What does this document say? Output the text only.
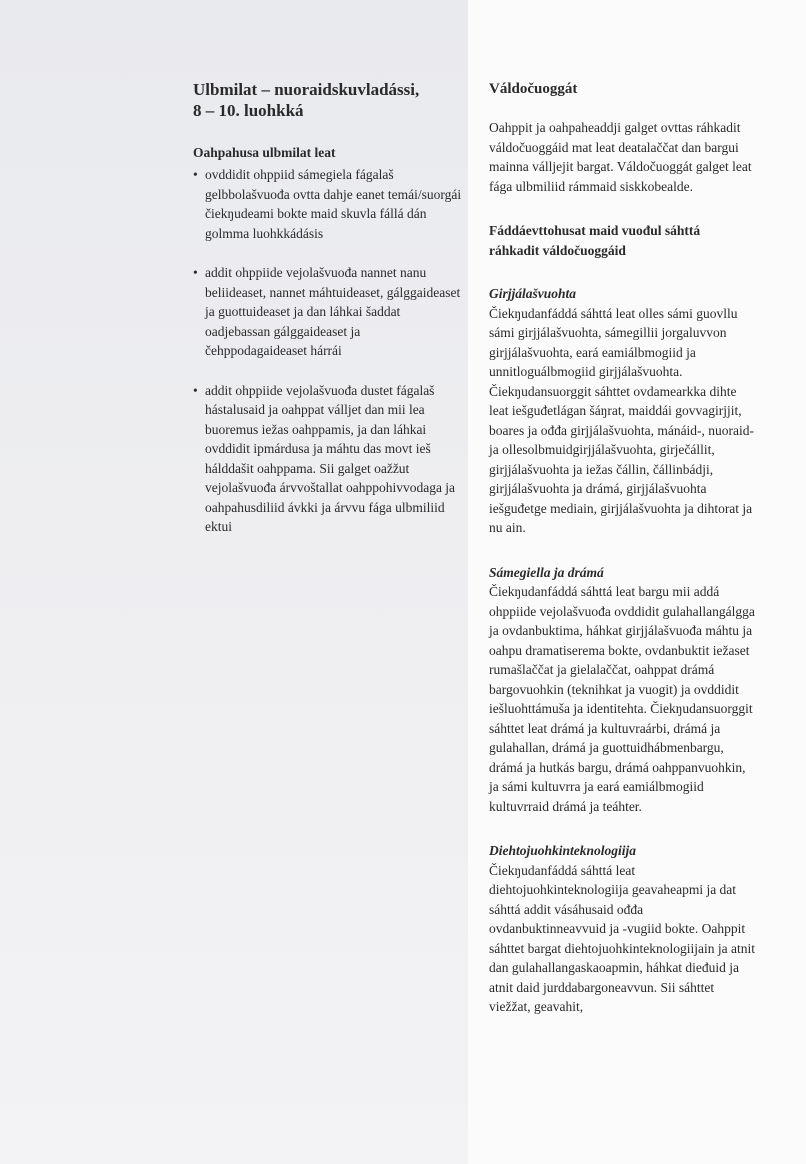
Ulbmilat – nuoraidskuvladássi,
8 – 10. luohkká
Oahpahusa ulbmilat leat
• ovddidit ohppiid sámegiela fágalaš gelbbolašvuođa ovtta dahje eanet temái/suorgái čiekŋudeami bokte maid skuvla fállá dán golmma luohkkádásis
• addit ohppiide vejolašvuođa nannet nanu beliideaset, nannet máhtuideaset, gálggaideaset ja guottuideaset ja dan láhkai šaddat oadjebassan gálggaideaset ja čehppodagaideaset hárrái
• addit ohppiide vejolašvuođa dustet fágalaš hástalusaid ja oahppat válljet dan mii lea buoremus iežas oahppamis, ja dan láhkai ovddidit ipmárdusa ja máhtu das movt ieš hálddašit oahppama. Sii galget oažžut vejolašvuođa árvvoštallat oahppohivvodaga ja oahpahusdiliid ávkki ja árvvu fága ulbmiliid ektui
Váldočuoggát

Oahppit ja oahpaheaddji galget ovttas ráhkadit váldočuoggáid mat leat deatalaččat dan bargui mainna válljejit bargat. Váldočuoggát galget leat fága ulbmiliid rámmaid siskkobealde.

Fáddáevttohusat maid vuođul sáhttá
ráhkadit váldočuoggáid
Girjjálašvuohta

Čiekŋudanfáddá sáhttá leat olles sámi guovllu sámi girjjálašvuohta, sámegillii jorgaluvvon girjjálašvuohta, eará eamiálbmogiid ja unnitloguálbmogiid girjjálašvuohta. Čiekŋudansuorggit sáhttet ovdamearkka dihte leat iešguđetlágan šáŋrat, maiddái govvagirjjit, boares ja ođđa girjjálašvuohta, mánáid-, nuoraid- ja ollesolbmuidgirjjálašvuohta, girječállit, girjjálašvuohta ja iežas čállin, čállinbádji, girjjálašvuohta ja drámá, girjjálašvuohta iešguđetge mediain, girjjálašvuohta ja dihtorat ja nu ain.

Sámegiella ja drámá

Čiekŋudanfáddá sáhttá leat bargu mii addá ohppiide vejolašvuođa ovddidit gulahallangálgga ja ovdanbuktima, háhkat girjjálašvuođa máhtu ja oahpu dramatiserema bokte, ovdanbuktit iežaset rumašlaččat ja gielalaččat, oahppat drámá bargovuohkin (teknihkat ja vuogit) ja ovddidit iešluohttámuša ja identitehta. Čiekŋudansuorggit sáhttet leat drámá ja kultuvraárbi, drámá ja gulahallan, drámá ja guottuidhábmenbargu, drámá ja hutkás bargu, drámá oahppanvuohkin, ja sámi kultuvrra ja eará eamiálbmogiid kultuvrraid drámá ja teáhter.

Diehtojuohkinteknologiija

Čiekŋudanfáddá sáhttá leat diehtojuohkinteknologiija geavaheapmi ja dat sáhttá addit vásáhusaid ođđa ovdanbuktinneavvuid ja -vugiid bokte. Oahppit sáhttet bargat diehtojuohkinteknologiijain ja atnit dan gulahallangaskaoapmin, háhkat dieđuid ja atnit daid jurddabargoneavvun. Sii sáhttet viežžat, geavahit,
